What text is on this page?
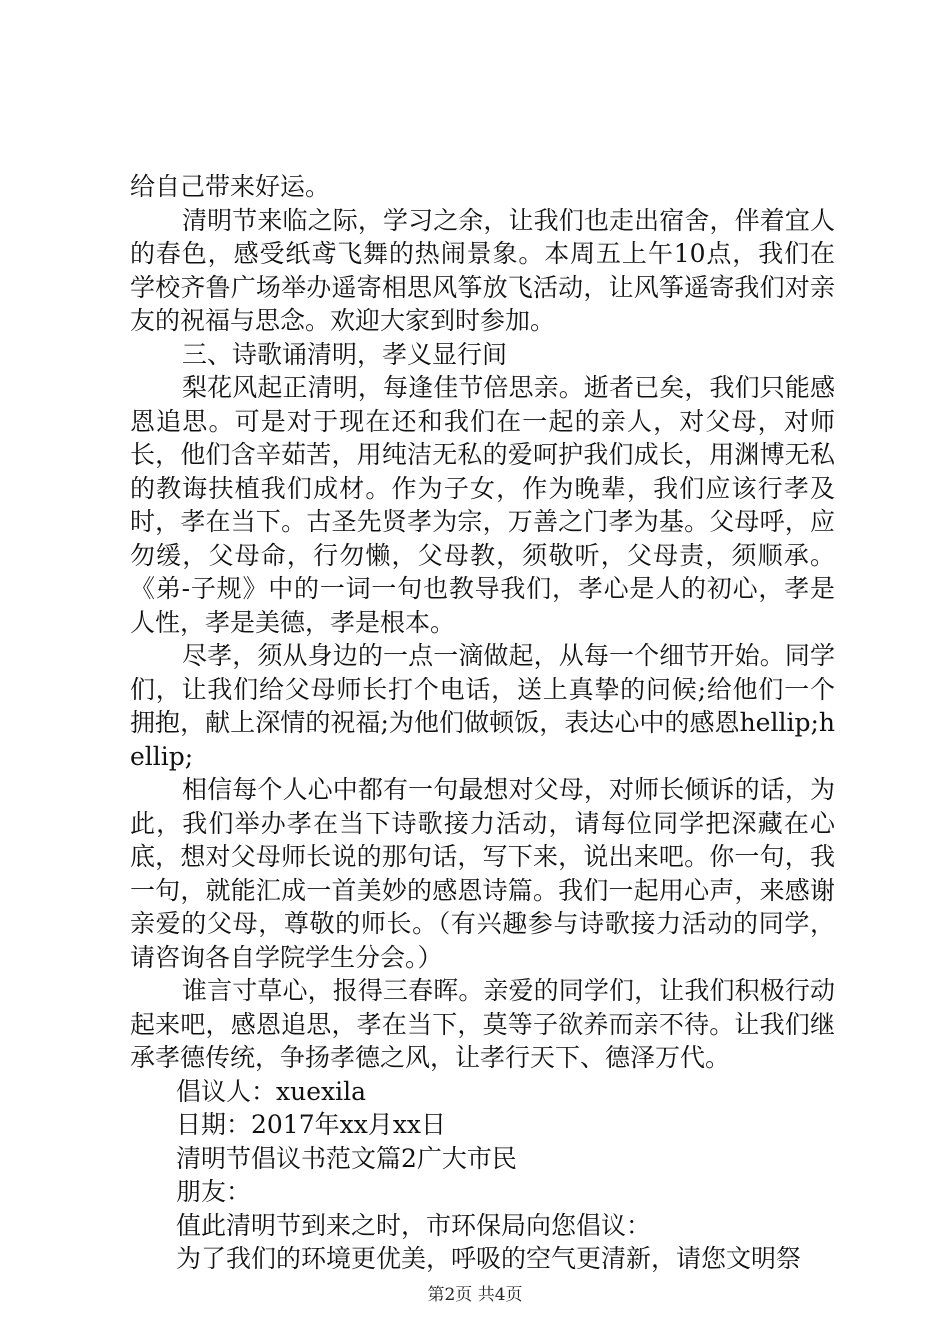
给自己带来好运。

清明节来临之际，学习之余，让我们也走出宿舍，伴着宜人的春色，感受纸鸢飞舞的热闹景象。本周五上午10点，我们在学校齐鲁广场举办遥寄相思风筝放飞活动，让风筝遥寄我们对亲友的祝福与思念。欢迎大家到时参加。

三、诗歌诵清明，孝义显行间

梨花风起正清明，每逢佳节倍思亲。逝者已矣，我们只能感恩追思。可是对于现在还和我们在一起的亲人，对父母，对师长，他们含辛茹苦，用纯洁无私的爱呵护我们成长，用渊博无私的教诲扶植我们成材。作为子女，作为晚辈，我们应该行孝及时，孝在当下。古圣先贤孝为宗，万善之门孝为基。父母呼，应勿缓，父母命，行勿懒，父母教，须敬听，父母责，须顺承。《弟-子规》中的一词一句也教导我们，孝心是人的初心，孝是人性，孝是美德，孝是根本。

尽孝，须从身边的一点一滴做起，从每一个细节开始。同学们，让我们给父母师长打个电话，送上真挚的问候;给他们一个拥抱，献上深情的祝福;为他们做顿饭，表达心中的感恩hellip;hellip;

相信每个人心中都有一句最想对父母，对师长倾诉的话，为此，我们举办孝在当下诗歌接力活动，请每位同学把深藏在心底，想对父母师长说的那句话，写下来，说出来吧。你一句，我一句，就能汇成一首美妙的感恩诗篇。我们一起用心声，来感谢亲爱的父母，尊敬的师长。（有兴趣参与诗歌接力活动的同学，请咨询各自学院学生分会。）

谁言寸草心，报得三春晖。亲爱的同学们，让我们积极行动起来吧，感恩追思，孝在当下，莫等子欲养而亲不待。让我们继承孝德传统，争扬孝德之风，让孝行天下、德泽万代。

倡议人：xuexila

日期：2017年xx月xx日

清明节倡议书范文篇2广大市民

朋友：

值此清明节到来之时，市环保局向您倡议：

为了我们的环境更优美，呼吸的空气更清新，请您文明祭

第2页 共4页
